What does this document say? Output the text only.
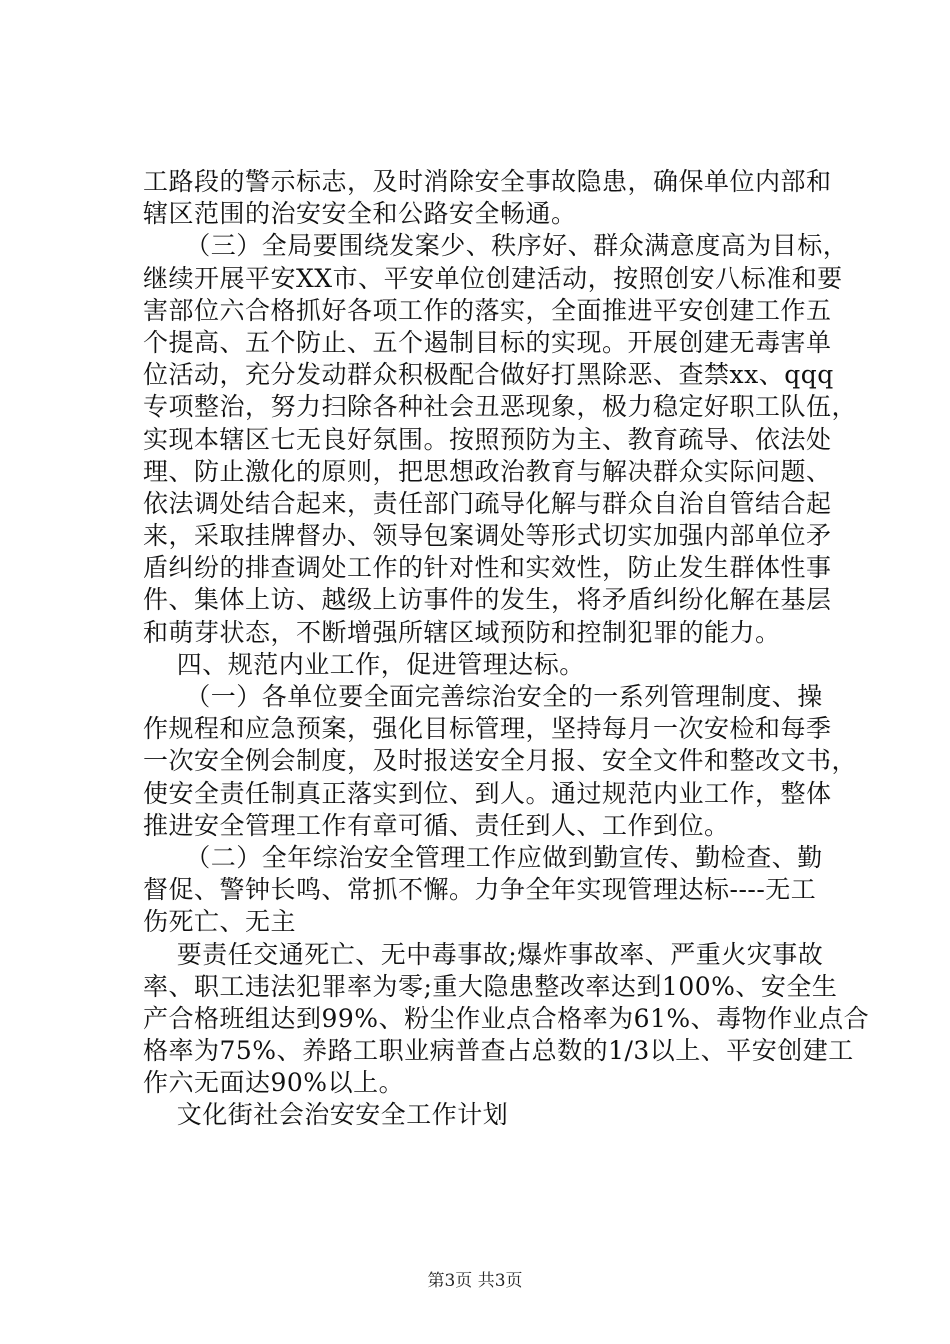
工路段的警示标志，及时消除安全事故隐患，确保单位内部和
辖区范围的治安安全和公路安全畅通。
（三）全局要围绕发案少、秩序好、群众满意度高为目标，
继续开展平安XX市、平安单位创建活动，按照创安八标准和要
害部位六合格抓好各项工作的落实，全面推进平安创建工作五
个提高、五个防止、五个遏制目标的实现。开展创建无毒害单
位活动，充分发动群众积极配合做好打黑除恶、查禁xx、qqq
专项整治，努力扫除各种社会丑恶现象，极力稳定好职工队伍，
实现本辖区七无良好氛围。按照预防为主、教育疏导、依法处
理、防止激化的原则，把思想政治教育与解决群众实际问题、
依法调处结合起来，责任部门疏导化解与群众自治自管结合起
来，采取挂牌督办、领导包案调处等形式切实加强内部单位矛
盾纠纷的排查调处工作的针对性和实效性，防止发生群体性事
件、集体上访、越级上访事件的发生，将矛盾纠纷化解在基层
和萌芽状态，不断增强所辖区域预防和控制犯罪的能力。
四、规范内业工作，促进管理达标。
（一）各单位要全面完善综治安全的一系列管理制度、操
作规程和应急预案，强化目标管理，坚持每月一次安检和每季
一次安全例会制度，及时报送安全月报、安全文件和整改文书，
使安全责任制真正落实到位、到人。通过规范内业工作，整体
推进安全管理工作有章可循、责任到人、工作到位。
（二）全年综治安全管理工作应做到勤宣传、勤检查、勤
督促、警钟长鸣、常抓不懈。力争全年实现管理达标----无工
伤死亡、无主
要责任交通死亡、无中毒事故;爆炸事故率、严重火灾事故
率、职工违法犯罪率为零;重大隐患整改率达到100%、安全生
产合格班组达到99%、粉尘作业点合格率为61%、毒物作业点合
格率为75%、养路工职业病普查占总数的1/3以上、平安创建工
作六无面达90%以上。
文化街社会治安安全工作计划
第3页 共3页
